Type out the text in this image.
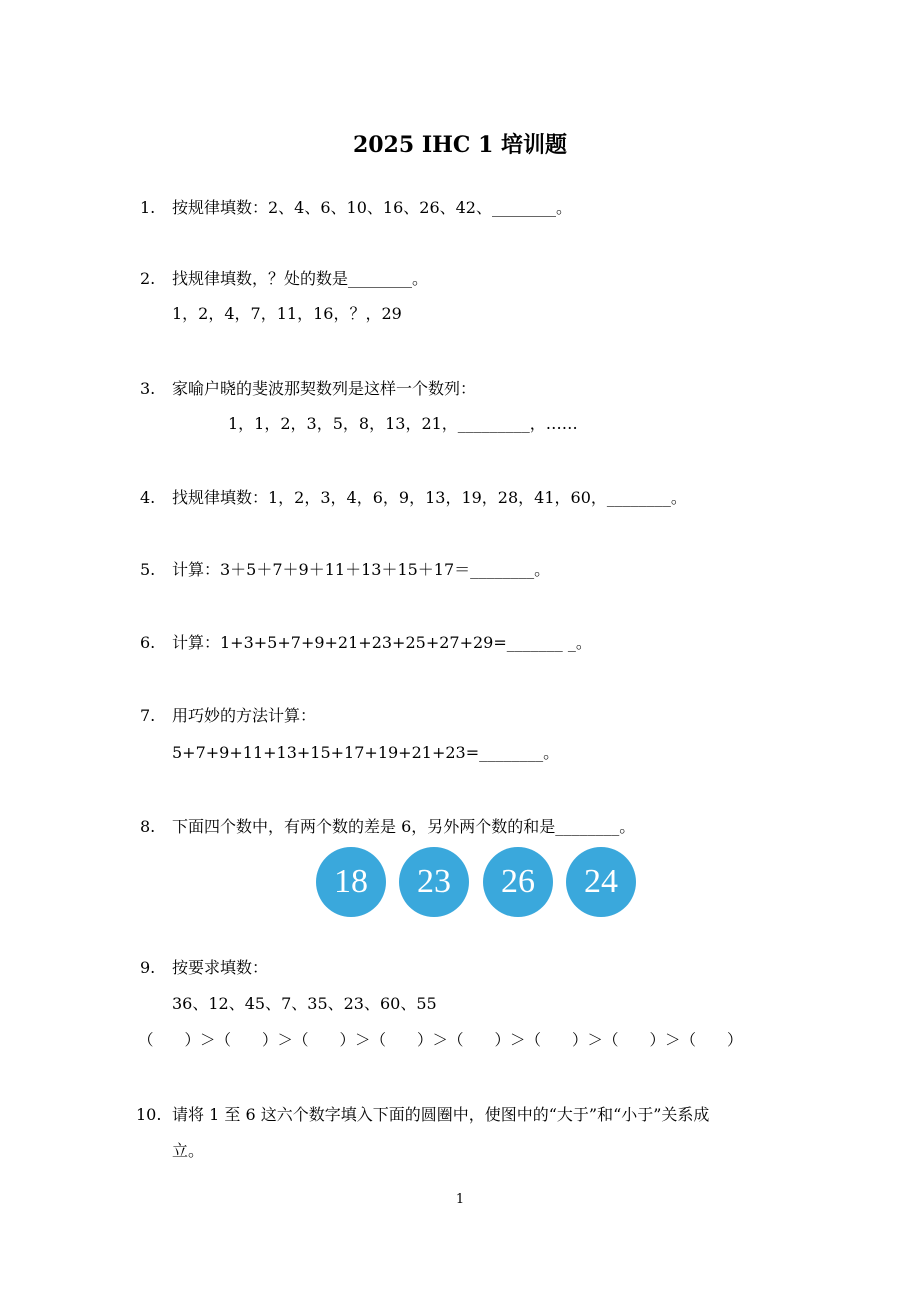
2025 IHC 1 培训题
1. 按规律填数：2、4、6、10、16、26、42、________。
2. 找规律填数，？处的数是________。
1，2，4，7，11，16，？，29
3. 家喻户晓的斐波那契数列是这样一个数列：
1，1，2，3，5，8，13，21，_________，……
4. 找规律填数：1，2，3，4，6，9，13，19，28，41，60，________。
5. 计算：3＋5＋7＋9＋11＋13＋15＋17＝________。
6. 计算：1+3+5+7+9+21+23+25+27+29=_______ _。
7. 用巧妙的方法计算：
5+7+9+11+13+15+17+19+21+23=________。
8. 下面四个数中，有两个数的差是 6，另外两个数的和是________。
18	23	26	24
9. 按要求填数：
36、12、45、7、35、23、60、55
（　　）＞（　　）＞（　　）＞（　　）＞（　　）＞（　　）＞（　　）＞（　　）
10. 请将 1 至 6 这六个数字填入下面的圆圈中，使图中的“大于”和“小于”关系成
立。
1
